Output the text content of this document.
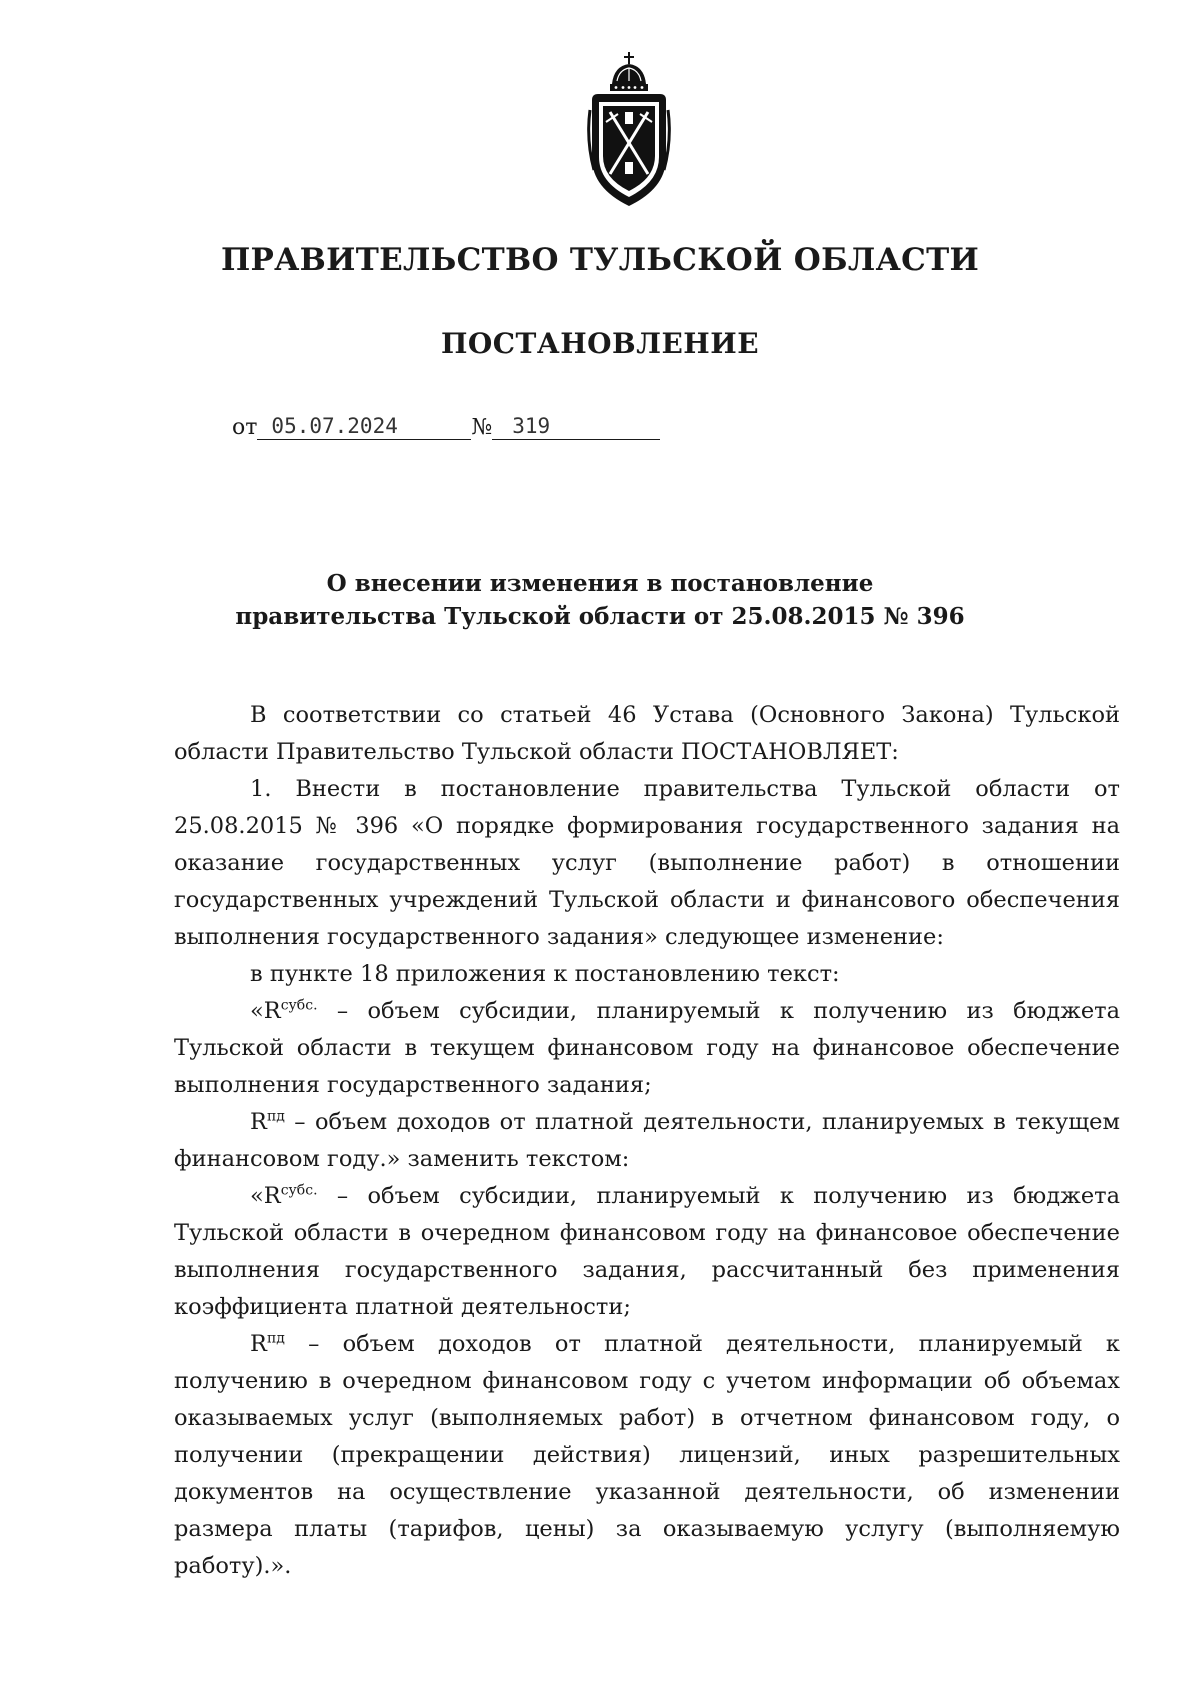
ПРАВИТЕЛЬСТВО ТУЛЬСКОЙ ОБЛАСТИ
ПОСТАНОВЛЕНИЕ
от 05.07.2024	№ 319
О внесении изменения в постановление
правительства Тульской области от 25.08.2015 № 396

В соответствии со статьей 46 Устава (Основного Закона) Тульской области Правительство Тульской области ПОСТАНОВЛЯЕТ:

1. Внести в постановление правительства Тульской области от 25.08.2015 № 396 «О порядке формирования государственного задания на оказание государственных услуг (выполнение работ) в отношении государственных учреждений Тульской области и финансового обеспечения выполнения государственного задания» следующее изменение:

в пункте 18 приложения к постановлению текст:

«$R^{субс.}$ – объем субсидии, планируемый к получению из бюджета Тульской области в текущем финансовом году на финансовое обеспечение выполнения государственного задания;

$R^{пд}$ – объем доходов от платной деятельности, планируемых в текущем финансовом году.» заменить текстом:

«$R^{субс.}$ – объем субсидии, планируемый к получению из бюджета Тульской области в очередном финансовом году на финансовое обеспечение выполнения государственного задания, рассчитанный без применения коэффициента платной деятельности;

$R^{пд}$ – объем доходов от платной деятельности, планируемый к получению в очередном финансовом году с учетом информации об объемах оказываемых услуг (выполняемых работ) в отчетном финансовом году, о получении (прекращении действия) лицензий, иных разрешительных документов на осуществление указанной деятельности, об изменении размера платы (тарифов, цены) за оказываемую услугу (выполняемую работу).».
